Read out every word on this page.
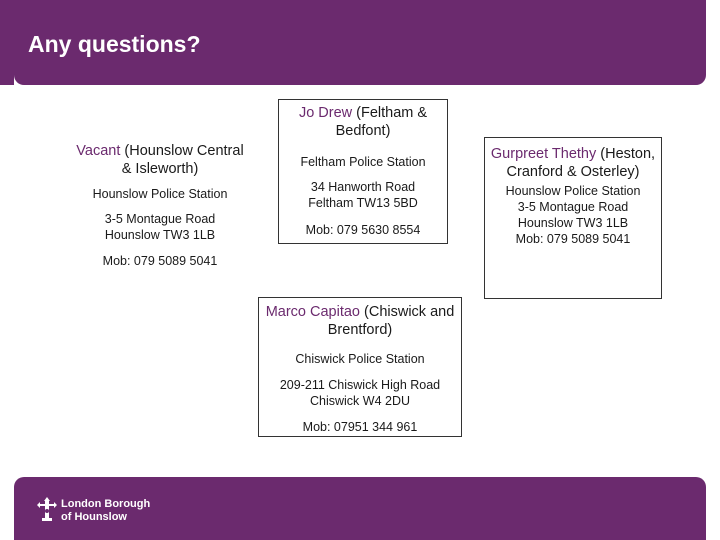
Any questions?

Vacant (Hounslow Central & Isleworth)

Hounslow Police Station

3-5 Montague Road

Hounslow TW3 1LB

Mob: 079 5089 5041

Jo Drew (Feltham & Bedfont)

Feltham Police Station

34 Hanworth Road

Feltham TW13 5BD

Mob: 079 5630 8554

Gurpreet Thethy (Heston, Cranford & Osterley)

Hounslow Police Station

3-5 Montague Road

Hounslow TW3 1LB

Mob: 079 5089 5041

Marco Capitao (Chiswick and Brentford)

Chiswick Police Station

209-211 Chiswick High Road

Chiswick W4 2DU

Mob: 07951 344 961

London Borough
of Hounslow
